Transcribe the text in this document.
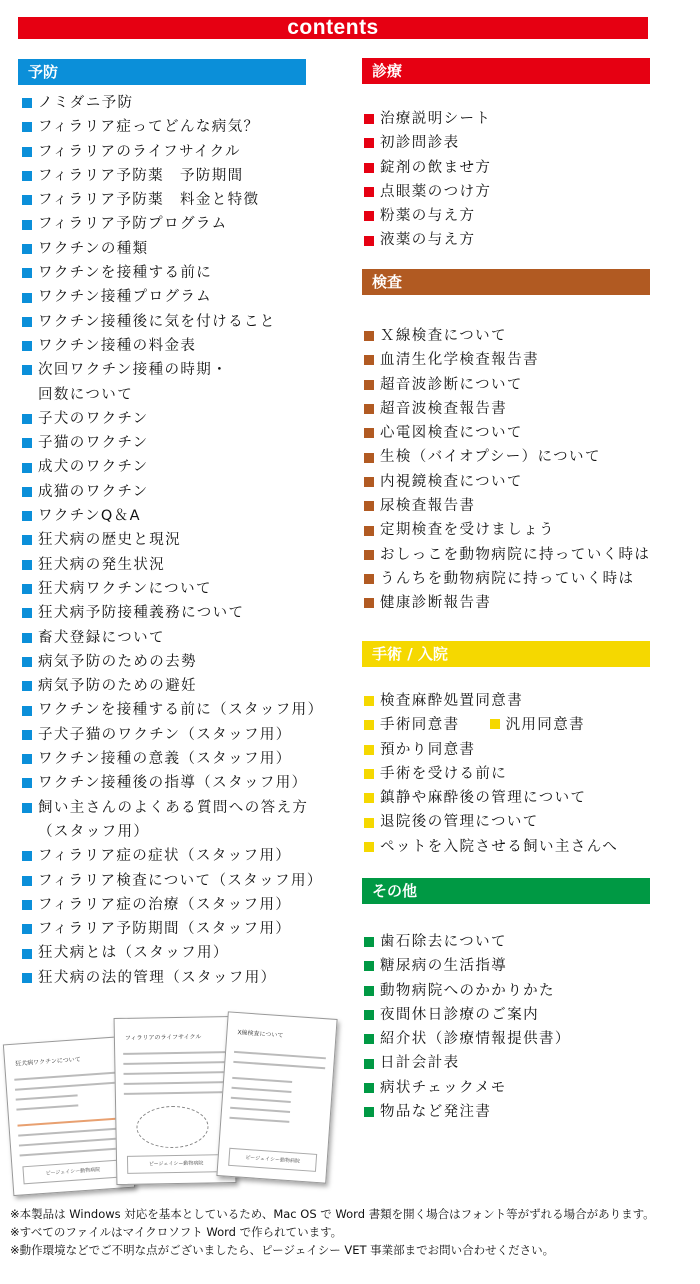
contents
予防
ノミダニ予防
フィラリア症ってどんな病気？
フィラリアのライフサイクル
フィラリア予防薬　予防期間
フィラリア予防薬　料金と特徴
フィラリア予防プログラム
ワクチンの種類
ワクチンを接種する前に
ワクチン接種プログラム
ワクチン接種後に気を付けること
ワクチン接種の料金表
次回ワクチン接種の時期・
回数について
子犬のワクチン
子猫のワクチン
成犬のワクチン
成猫のワクチン
ワクチンQ＆A
狂犬病の歴史と現況
狂犬病の発生状況
狂犬病ワクチンについて
狂犬病予防接種義務について
畜犬登録について
病気予防のための去勢
病気予防のための避妊
ワクチンを接種する前に（スタッフ用）
子犬子猫のワクチン（スタッフ用）
ワクチン接種の意義（スタッフ用）
ワクチン接種後の指導（スタッフ用）
飼い主さんのよくある質問への答え方
（スタッフ用）
フィラリア症の症状（スタッフ用）
フィラリア検査について（スタッフ用）
フィラリア症の治療（スタッフ用）
フィラリア予防期間（スタッフ用）
狂犬病とは（スタッフ用）
狂犬病の法的管理（スタッフ用）
診療
治療説明シート
初診問診表
錠剤の飲ませ方
点眼薬のつけ方
粉薬の与え方
液薬の与え方
検査
Ｘ線検査について
血清生化学検査報告書
超音波診断について
超音波検査報告書
心電図検査について
生検（バイオプシー）について
内視鏡検査について
尿検査報告書
定期検査を受けましょう
おしっこを動物病院に持っていく時は
うんちを動物病院に持っていく時は
健康診断報告書
手術 / 入院
検査麻酔処置同意書
手術同意書	汎用同意書
預かり同意書
手術を受ける前に
鎮静や麻酔後の管理について
退院後の管理について
ペットを入院させる飼い主さんへ
その他
歯石除去について
糖尿病の生活指導
動物病院へのかかりかた
夜間休日診療のご案内
紹介状（診療情報提供書）
日計会計表
病状チェックメモ
物品など発注書
狂犬病ワクチンについて
ピージェイシー動物病院
フィラリアのライフサイクル
ピージェイシー動物病院
X線検査について
ピージェイシー動物病院
※本製品は Windows 対応を基本としているため、Mac OS で Word 書類を開く場合はフォント等がずれる場合があります。
※すべてのファイルはマイクロソフト Word で作られています。
※動作環境などでご不明な点がございましたら、ピージェイシー VET 事業部までお問い合わせください。
